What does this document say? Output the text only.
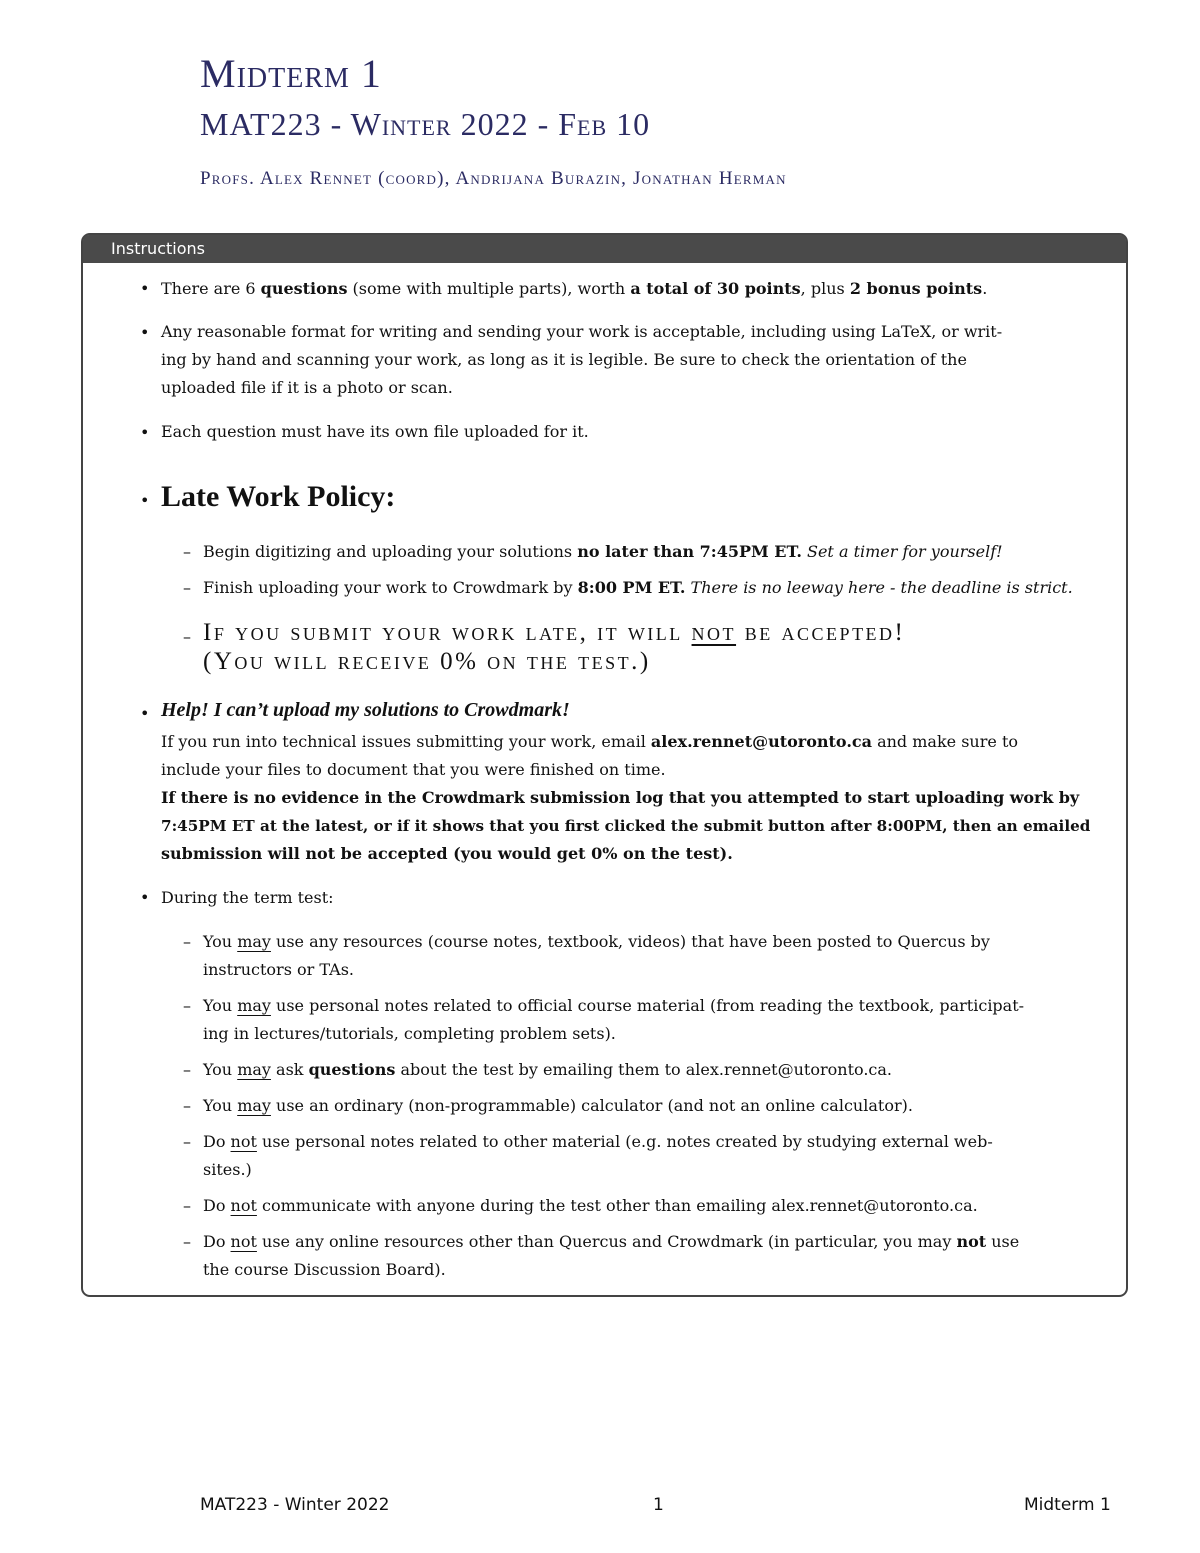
Midterm 1
MAT223 - Winter 2022 - Feb 10
Profs. Alex Rennet (coord), Andrijana Burazin, Jonathan Herman
Instructions
• There are 6 questions (some with multiple parts), worth a total of 30 points, plus 2 bonus points.
• Any reasonable format for writing and sending your work is acceptable, including using LaTeX, or writ-
ing by hand and scanning your work, as long as it is legible. Be sure to check the orientation of the
uploaded file if it is a photo or scan.
• Each question must have its own file uploaded for it.
• Late Work Policy:
– Begin digitizing and uploading your solutions no later than 7:45PM ET. Set a timer for yourself!
– Finish uploading your work to Crowdmark by 8:00 PM ET. There is no leeway here - the deadline is strict.
– If you submit your work late, it will not be accepted!
(You will receive 0% on the test.)
• Help! I can’t upload my solutions to Crowdmark!
If you run into technical issues submitting your work, email alex.rennet@utoronto.ca and make sure to
include your files to document that you were finished on time.
If there is no evidence in the Crowdmark submission log that you attempted to start uploading work by
7:45PM ET at the latest, or if it shows that you first clicked the submit button after 8:00PM, then an emailed
submission will not be accepted (you would get 0% on the test).
• During the term test:
– You may use any resources (course notes, textbook, videos) that have been posted to Quercus by
instructors or TAs.
– You may use personal notes related to official course material (from reading the textbook, participat-
ing in lectures/tutorials, completing problem sets).
– You may ask questions about the test by emailing them to alex.rennet@utoronto.ca.
– You may use an ordinary (non-programmable) calculator (and not an online calculator).
– Do not use personal notes related to other material (e.g. notes created by studying external web-
sites.)
– Do not communicate with anyone during the test other than emailing alex.rennet@utoronto.ca.
– Do not use any online resources other than Quercus and Crowdmark (in particular, you may not use
the course Discussion Board).
MAT223 - Winter 2022	1	Midterm 1
